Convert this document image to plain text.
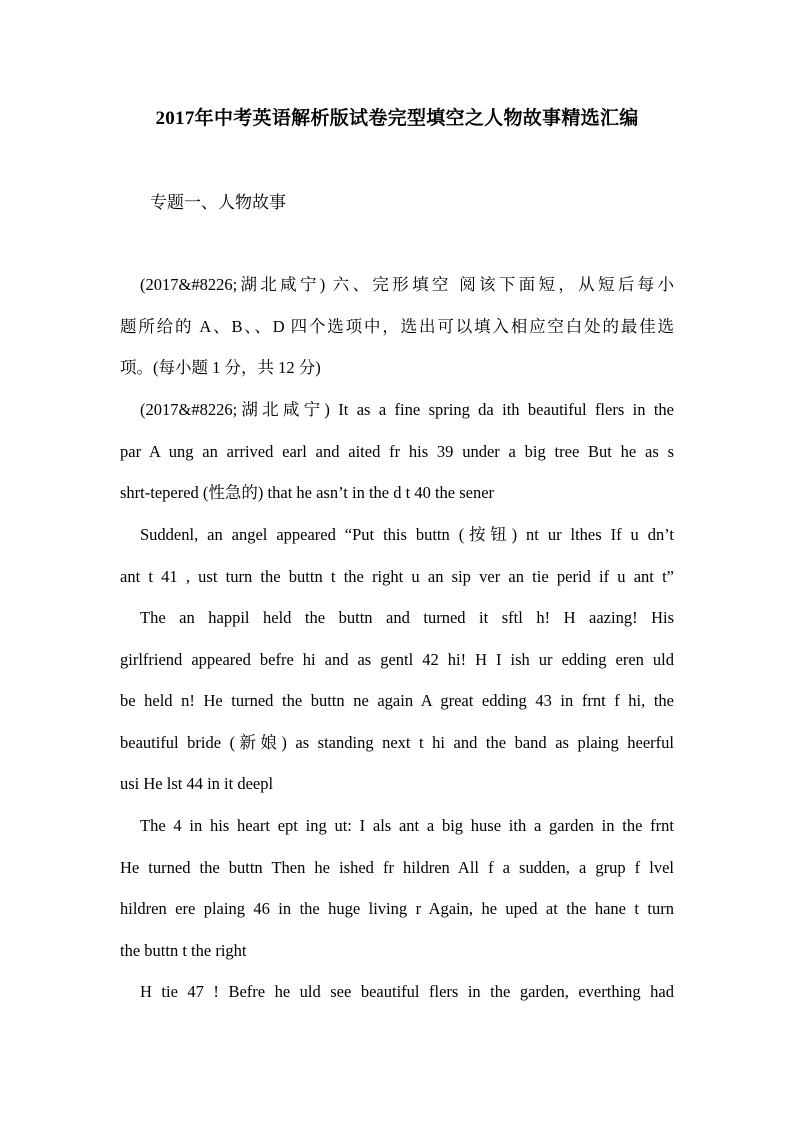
2017年中考英语解析版试卷完型填空之人物故事精选汇编
专题一、人物故事
(2017&#8226;湖北咸宁) 六、完形填空 阅该下面短，从短后每小
题所给的 A、B、、D 四个选项中，选出可以填入相应空白处的最佳选
项。(每小题 1 分，共 12 分)
(2017&#8226;湖北咸宁) It as a fine spring da ith beautiful flers in the
par A ung an arrived earl and aited fr his 39 under a big tree But he as s
shrt-tepered (性急的) that he asn’t in the d t 40 the sener
Suddenl, an angel appeared “Put this buttn (按钮) nt ur lthes If u dn’t
ant t 41 , ust turn the buttn t the right u an sip ver an tie perid if u ant t”
The an happil held the buttn and turned it sftl h! H aazing! His
girlfriend appeared befre hi and as gentl 42 hi! H I ish ur edding eren uld
be held n! He turned the buttn ne again A great edding 43 in frnt f hi, the
beautiful bride (新娘) as standing next t hi and the band as plaing heerful
usi He lst 44 in it deepl
The 4 in his heart ept ing ut: I als ant a big huse ith a garden in the frnt
He turned the buttn Then he ished fr hildren All f a sudden, a grup f lvel
hildren ere plaing 46 in the huge living r Again, he uped at the hane t turn
the buttn t the right
H tie 47 ! Befre he uld see beautiful flers in the garden, everthing had
